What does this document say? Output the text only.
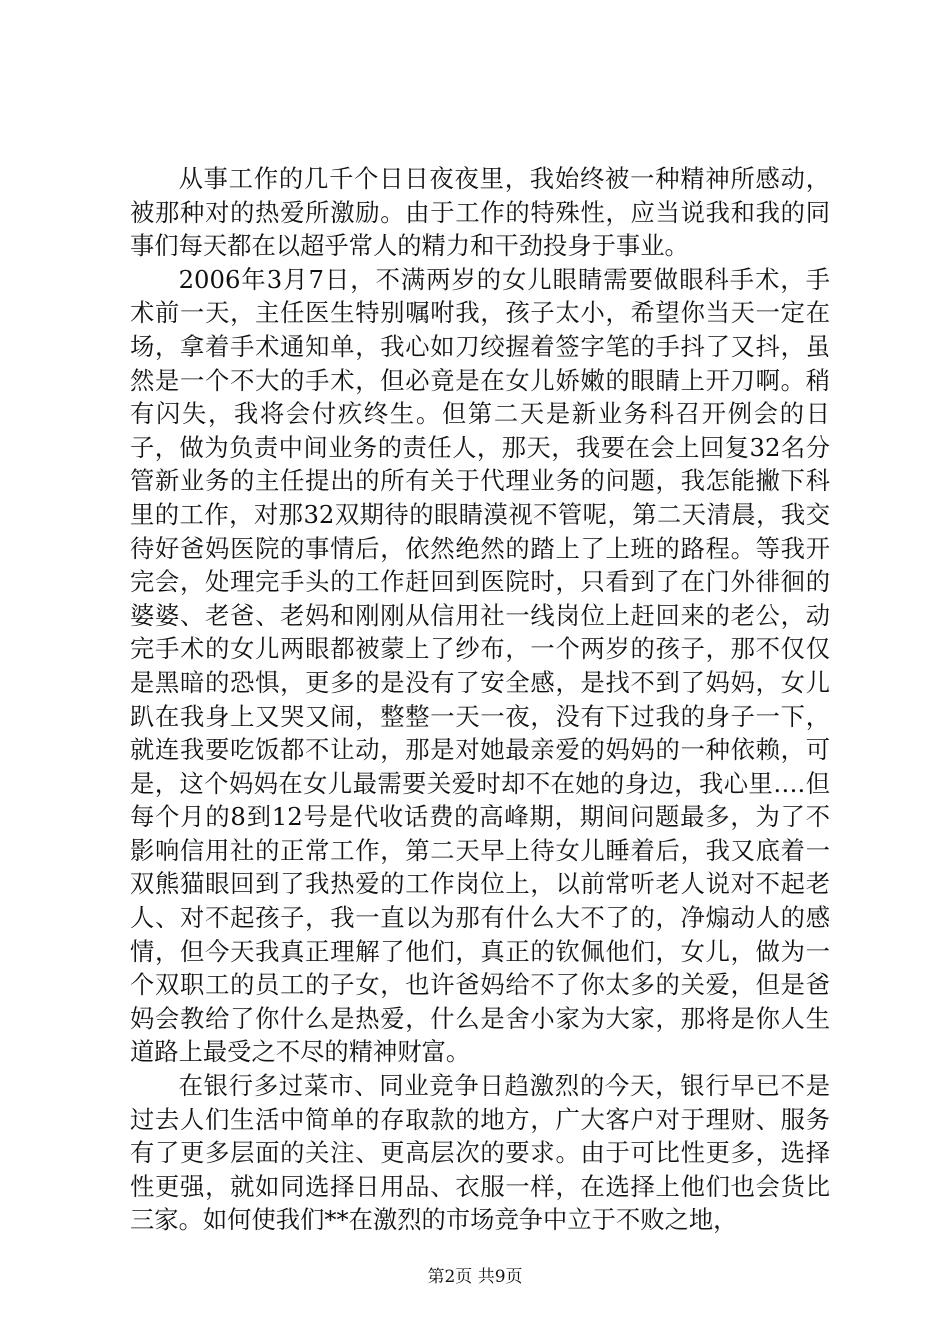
从事工作的几千个日日夜夜里，我始终被一种精神所感动，被那种对的热爱所激励。由于工作的特殊性，应当说我和我的同事们每天都在以超乎常人的精力和干劲投身于事业。

2006年3月7日，不满两岁的女儿眼睛需要做眼科手术，手术前一天，主任医生特别嘱咐我，孩子太小，希望你当天一定在场，拿着手术通知单，我心如刀绞握着签字笔的手抖了又抖，虽然是一个不大的手术，但必竟是在女儿娇嫩的眼睛上开刀啊。稍有闪失，我将会付疚终生。但第二天是新业务科召开例会的日子，做为负责中间业务的责任人，那天，我要在会上回复32名分管新业务的主任提出的所有关于代理业务的问题，我怎能撇下科里的工作，对那32双期待的眼睛漠视不管呢，第二天清晨，我交待好爸妈医院的事情后，依然绝然的踏上了上班的路程。等我开完会，处理完手头的工作赶回到医院时，只看到了在门外徘徊的婆婆、老爸、老妈和刚刚从信用社一线岗位上赶回来的老公，动完手术的女儿两眼都被蒙上了纱布，一个两岁的孩子，那不仅仅是黑暗的恐惧，更多的是没有了安全感，是找不到了妈妈，女儿趴在我身上又哭又闹，整整一天一夜，没有下过我的身子一下，就连我要吃饭都不让动，那是对她最亲爱的妈妈的一种依赖，可是，这个妈妈在女儿最需要关爱时却不在她的身边，我心里….但每个月的8到12号是代收话费的高峰期，期间问题最多，为了不影响信用社的正常工作，第二天早上待女儿睡着后，我又底着一双熊猫眼回到了我热爱的工作岗位上，以前常听老人说对不起老人、对不起孩子，我一直以为那有什么大不了的，净煽动人的感情，但今天我真正理解了他们，真正的钦佩他们，女儿，做为一个双职工的员工的子女，也许爸妈给不了你太多的关爱，但是爸妈会教给了你什么是热爱，什么是舍小家为大家，那将是你人生道路上最受之不尽的精神财富。

在银行多过菜市、同业竞争日趋激烈的今天，银行早已不是过去人们生活中简单的存取款的地方，广大客户对于理财、服务有了更多层面的关注、更高层次的要求。由于可比性更多，选择性更强，就如同选择日用品、衣服一样，在选择上他们也会货比三家。如何使我们**在激烈的市场竞争中立于不败之地，

第2页 共9页
